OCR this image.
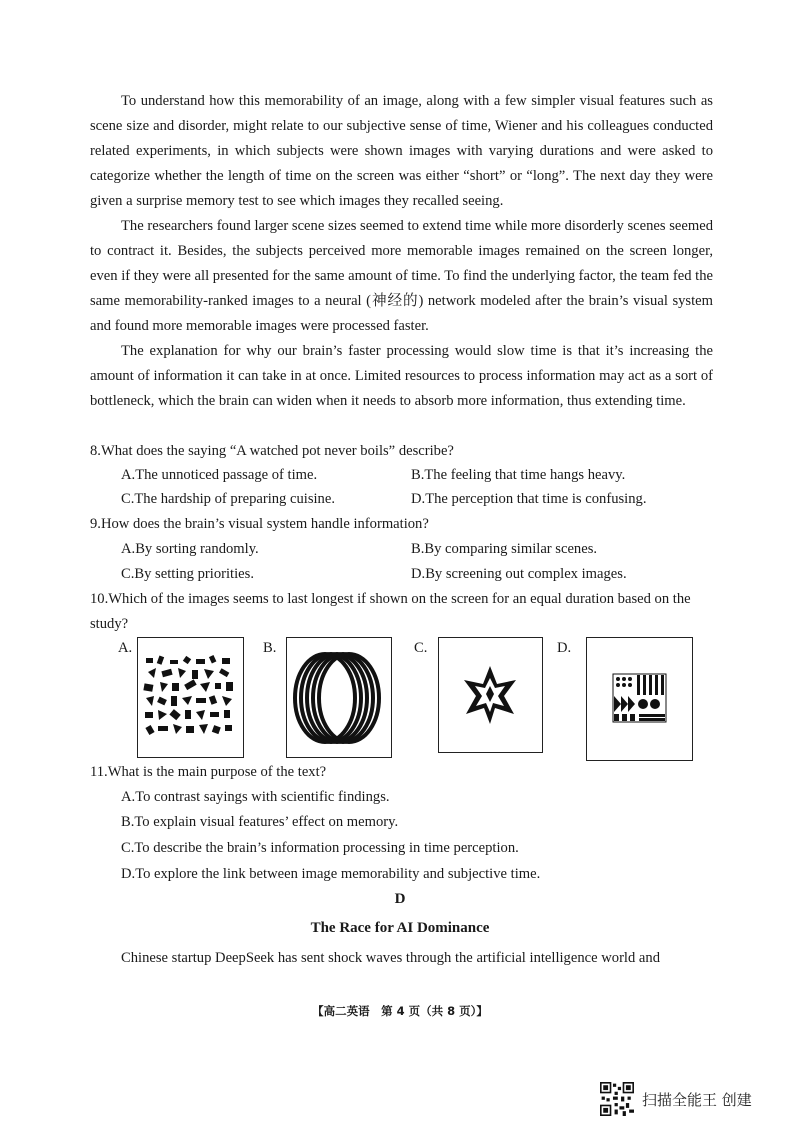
To understand how this memorability of an image, along with a few simpler visual features such as scene size and disorder, might relate to our subjective sense of time, Wiener and his colleagues conducted related experiments, in which subjects were shown images with varying durations and were asked to categorize whether the length of time on the screen was either “short” or “long”. The next day they were given a surprise memory test to see which images they recalled seeing.

The researchers found larger scene sizes seemed to extend time while more disorderly scenes seemed to contract it. Besides, the subjects perceived more memorable images remained on the screen longer, even if they were all presented for the same amount of time. To find the underlying factor, the team fed the same memorability-ranked images to a neural (神经的) network modeled after the brain’s visual system and found more memorable images were processed faster.

The explanation for why our brain’s faster processing would slow time is that it’s increasing the amount of information it can take in at once. Limited resources to process information may act as a sort of bottleneck, which the brain can widen when it needs to absorb more information, thus extending time.

8.What does the saying “A watched pot never boils” describe?
A.The unnoticed passage of time.	B.The feeling that time hangs heavy.
C.The hardship of preparing cuisine.	D.The perception that time is confusing.
9.How does the brain’s visual system handle information?
A.By sorting randomly.	B.By comparing similar scenes.
C.By setting priorities.	D.By screening out complex images.
10.Which of the images seems to last longest if shown on the screen for an equal duration based on the study?
A.	B.	C.	D.
11.What is the main purpose of the text?
A.To contrast sayings with scientific findings.
B.To explain visual features’ effect on memory.
C.To describe the brain’s information processing in time perception.
D.To explore the link between image memorability and subjective time.
D
The Race for AI Dominance
Chinese startup DeepSeek has sent shock waves through the artificial intelligence world and
【高二英语　第 4 页（共 8 页）】
扫描全能王 创建
